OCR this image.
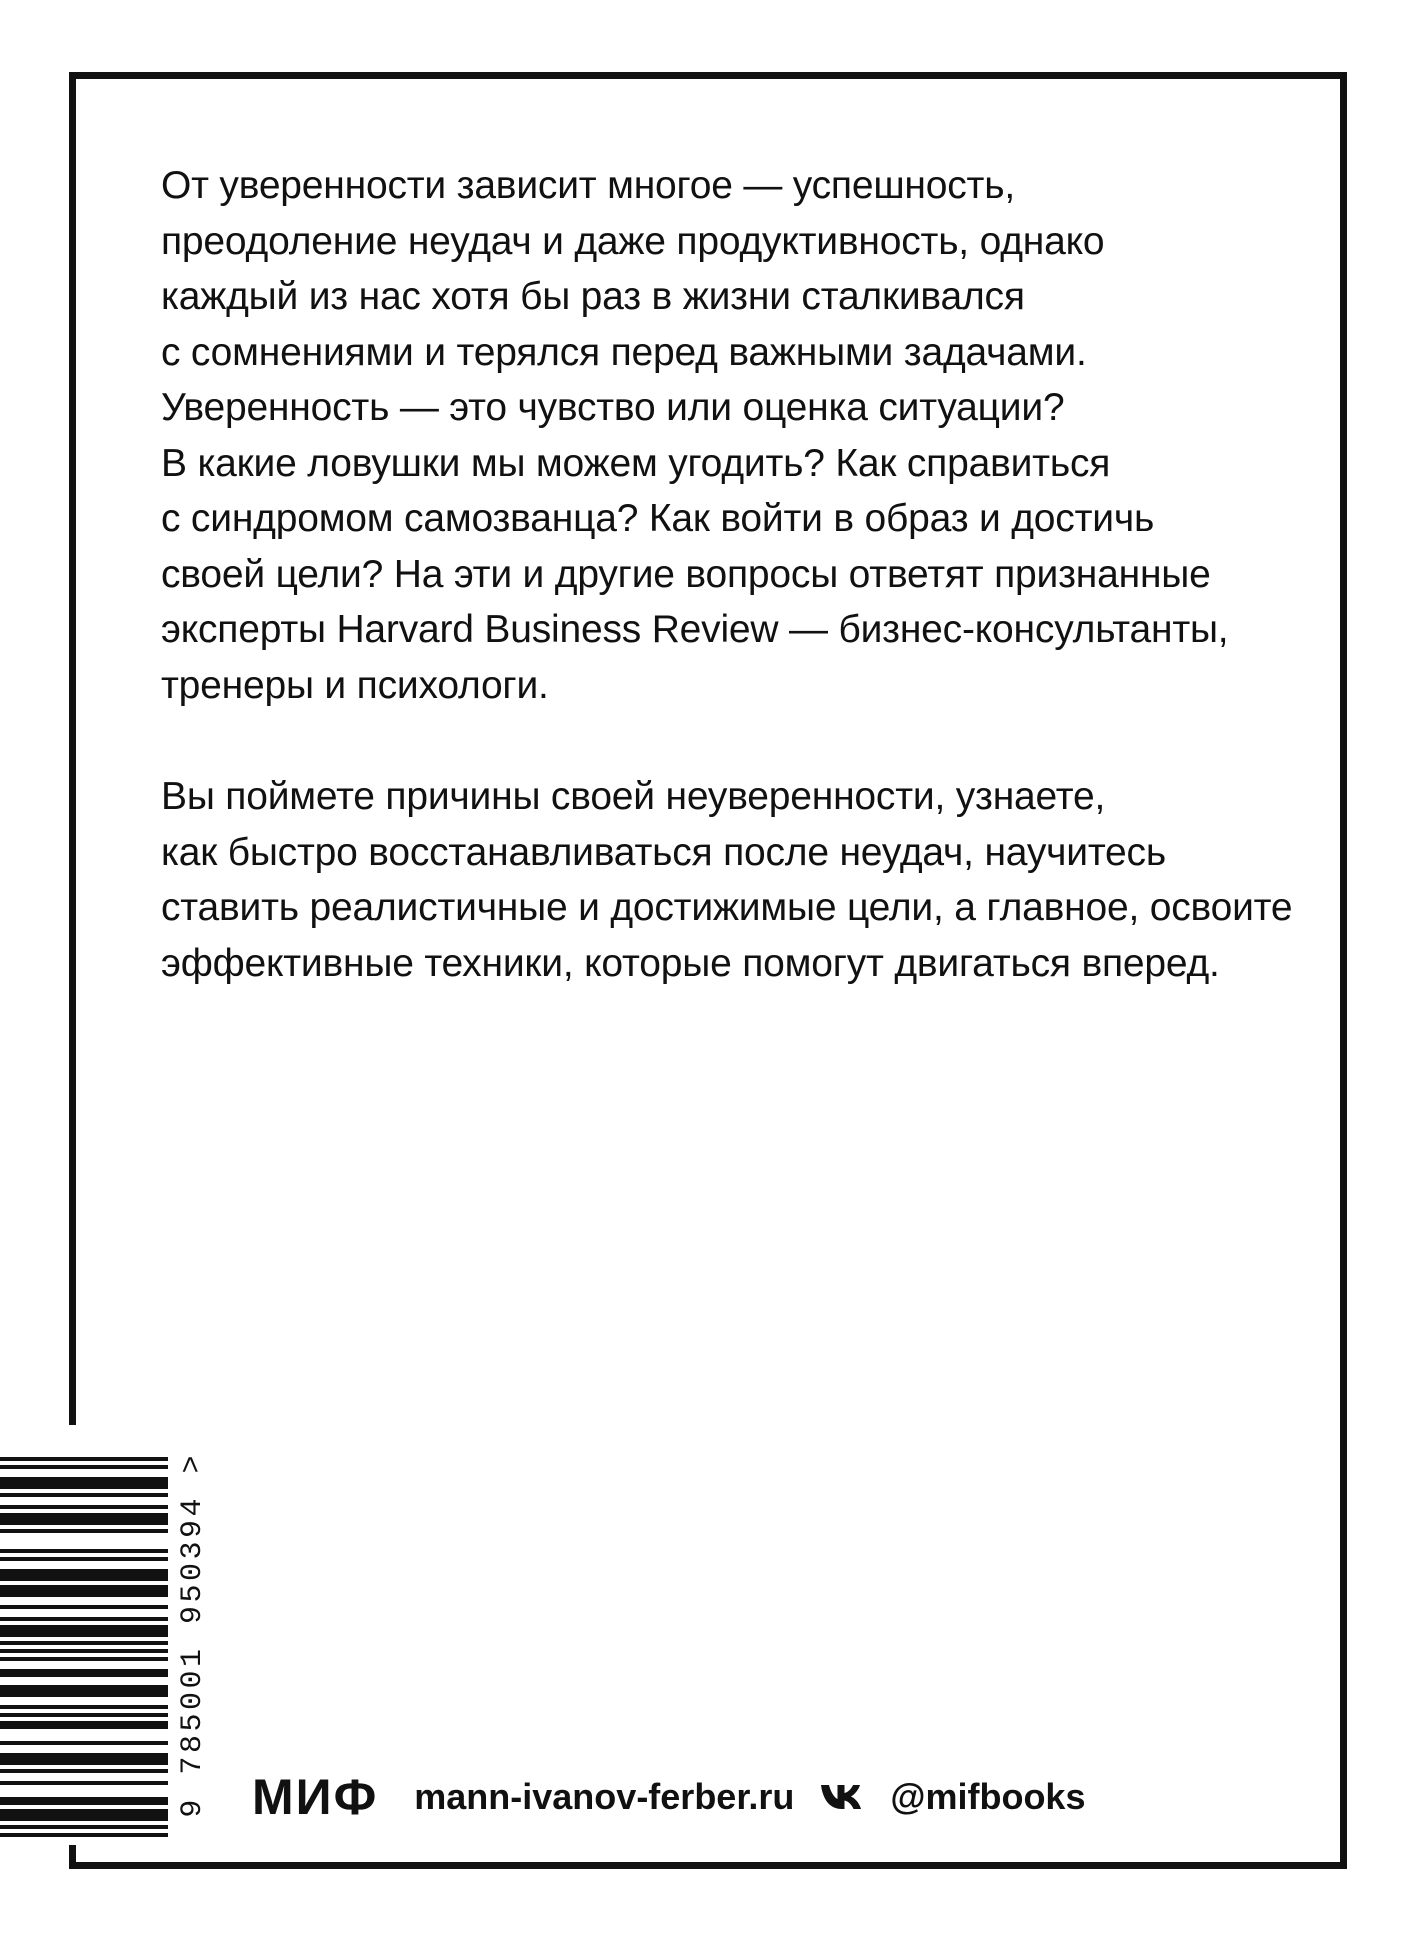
От уверенности зависит многое — успешность,
преодоление неудач и даже продуктивность, однако
каждый из нас хотя бы раз в жизни сталкивался
с сомнениями и терялся перед важными задачами.
Уверенность — это чувство или оценка ситуации?
В какие ловушки мы можем угодить? Как справиться
с синдромом самозванца? Как войти в образ и достичь
своей цели? На эти и другие вопросы ответят признанные
эксперты Harvard Business Review — бизнес-консультанты,
тренеры и психологи.
Вы поймете причины своей неуверенности, узнаете,
как быстро восстанавливаться после неудач, научитесь
ставить реалистичные и достижимые цели, а главное, освоите
эффективные техники, которые помогут двигаться вперед.
9 785001 950394 > МИФ mann-ivanov-ferber.ru	@mifbooks
